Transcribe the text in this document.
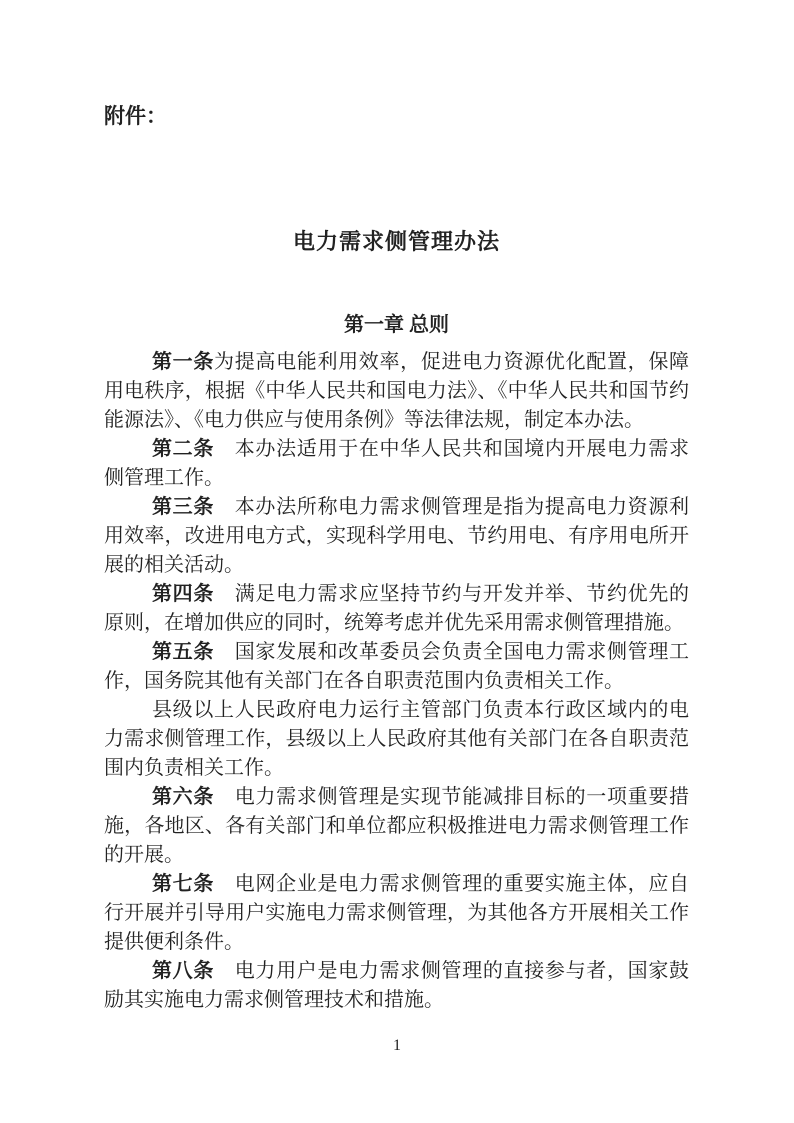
附件：
电力需求侧管理办法
第一章 总则

第一条为提高电能利用效率，促进电力资源优化配置，保障用电秩序，根据《中华人民共和国电力法》、《中华人民共和国节约能源法》、《电力供应与使用条例》等法律法规，制定本办法。

第二条　本办法适用于在中华人民共和国境内开展电力需求侧管理工作。

第三条　本办法所称电力需求侧管理是指为提高电力资源利用效率，改进用电方式，实现科学用电、节约用电、有序用电所开展的相关活动。

第四条　满足电力需求应坚持节约与开发并举、节约优先的原则，在增加供应的同时，统筹考虑并优先采用需求侧管理措施。

第五条　国家发展和改革委员会负责全国电力需求侧管理工作，国务院其他有关部门在各自职责范围内负责相关工作。

县级以上人民政府电力运行主管部门负责本行政区域内的电力需求侧管理工作，县级以上人民政府其他有关部门在各自职责范围内负责相关工作。

第六条　电力需求侧管理是实现节能减排目标的一项重要措施，各地区、各有关部门和单位都应积极推进电力需求侧管理工作的开展。

第七条　电网企业是电力需求侧管理的重要实施主体，应自行开展并引导用户实施电力需求侧管理，为其他各方开展相关工作提供便利条件。

第八条　电力用户是电力需求侧管理的直接参与者，国家鼓励其实施电力需求侧管理技术和措施。

1
